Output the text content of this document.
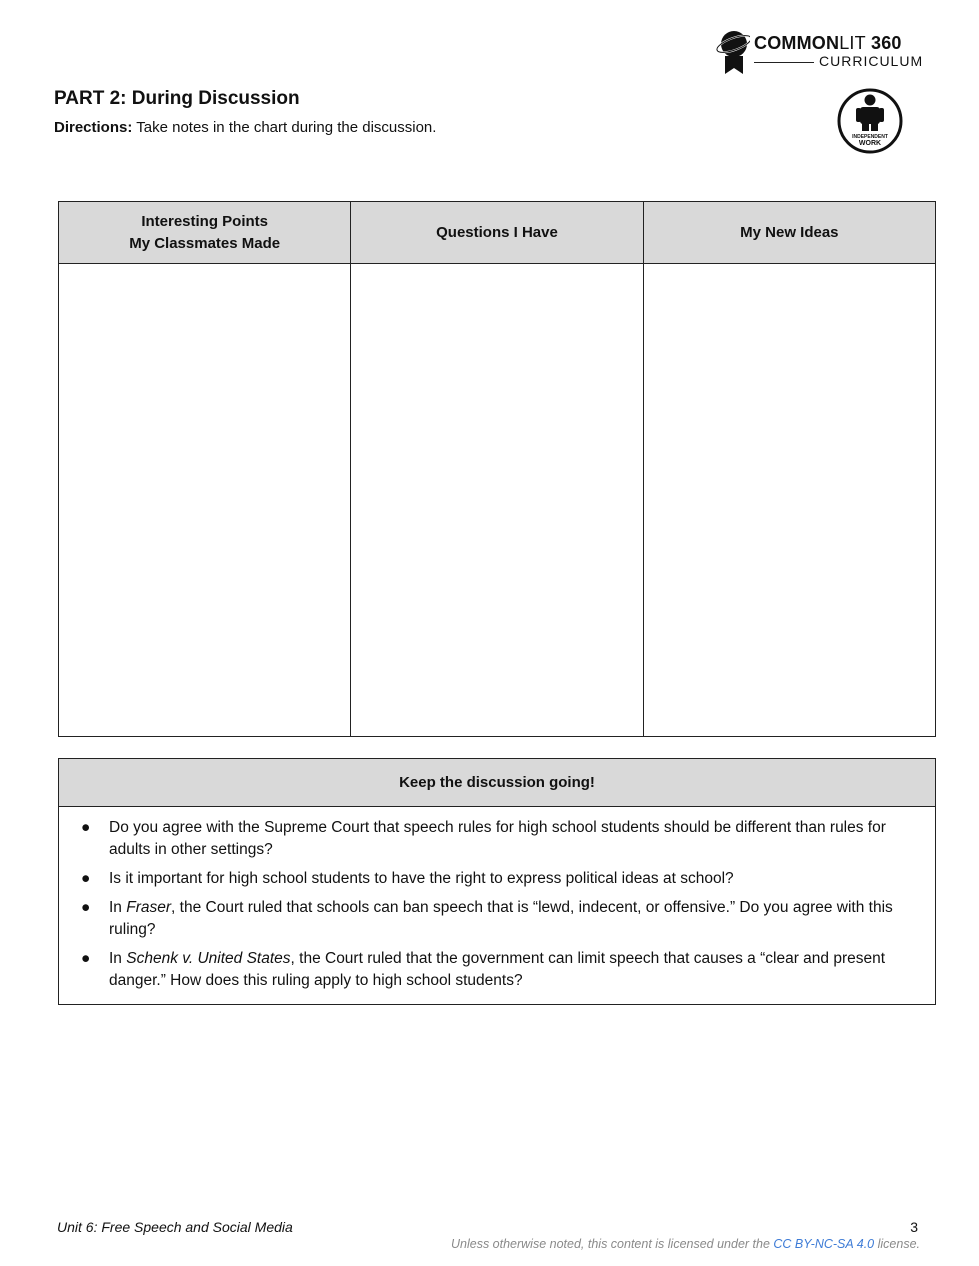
COMMONLIT 360
CURRICULUM
INDEPENDENT
WORK
PART 2: During Discussion
Directions: Take notes in the chart during the discussion.
Interesting Points
My Classmates Made	Questions I Have	My New Ideas

Keep the discussion going!
● Do you agree with the Supreme Court that speech rules for high school students should be different than rules for adults in other settings?
● Is it important for high school students to have the right to express political ideas at school?
● In Fraser, the Court ruled that schools can ban speech that is “lewd, indecent, or offensive.” Do you agree with this ruling?
● In Schenk v. United States, the Court ruled that the government can limit speech that causes a “clear and present danger.” How does this ruling apply to high school students?
Unit 6: Free Speech and Social Media	3
Unless otherwise noted, this content is licensed under the CC BY-NC-SA 4.0 license.
